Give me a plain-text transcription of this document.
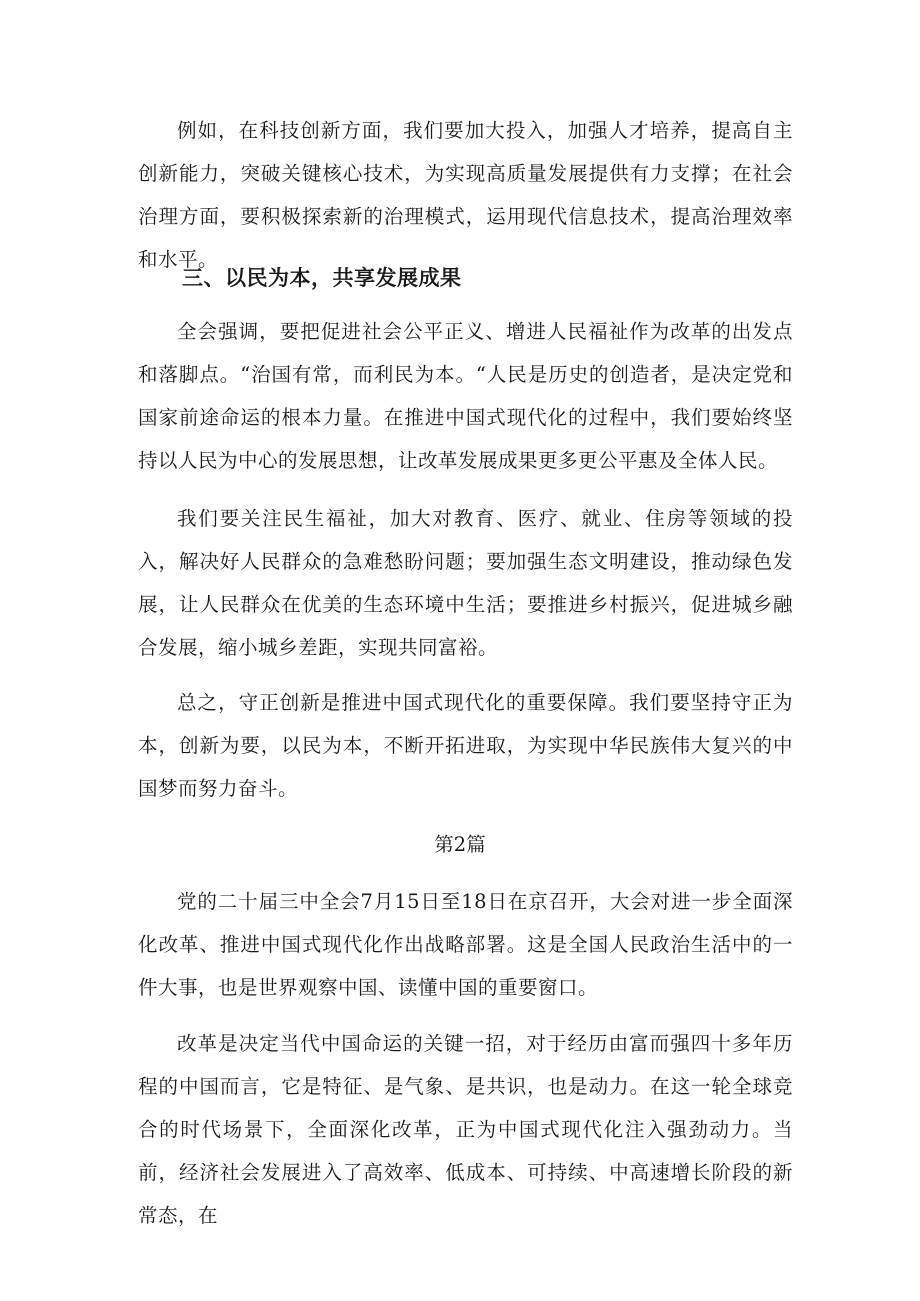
例如，在科技创新方面，我们要加大投入，加强人才培养，提高自主创新能力，突破关键核心技术，为实现高质量发展提供有力支撑；在社会治理方面，要积极探索新的治理模式，运用现代信息技术，提高治理效率和水平。

三、以民为本，共享发展成果

全会强调，要把促进社会公平正义、增进人民福祉作为改革的出发点和落脚点。“治国有常，而利民为本。“人民是历史的创造者，是决定党和国家前途命运的根本力量。在推进中国式现代化的过程中，我们要始终坚持以人民为中心的发展思想，让改革发展成果更多更公平惠及全体人民。

我们要关注民生福祉，加大对教育、医疗、就业、住房等领域的投入，解决好人民群众的急难愁盼问题；要加强生态文明建设，推动绿色发展，让人民群众在优美的生态环境中生活；要推进乡村振兴，促进城乡融合发展，缩小城乡差距，实现共同富裕。

总之，守正创新是推进中国式现代化的重要保障。我们要坚持守正为本，创新为要，以民为本，不断开拓进取，为实现中华民族伟大复兴的中国梦而努力奋斗。

第2篇

党的二十届三中全会7月15日至18日在京召开，大会对进一步全面深化改革、推进中国式现代化作出战略部署。这是全国人民政治生活中的一件大事，也是世界观察中国、读懂中国的重要窗口。

改革是决定当代中国命运的关键一招，对于经历由富而强四十多年历程的中国而言，它是特征、是气象、是共识，也是动力。在这一轮全球竞合的时代场景下，全面深化改革，正为中国式现代化注入强劲动力。当前，经济社会发展进入了高效率、低成本、可持续、中高速增长阶段的新常态，在
